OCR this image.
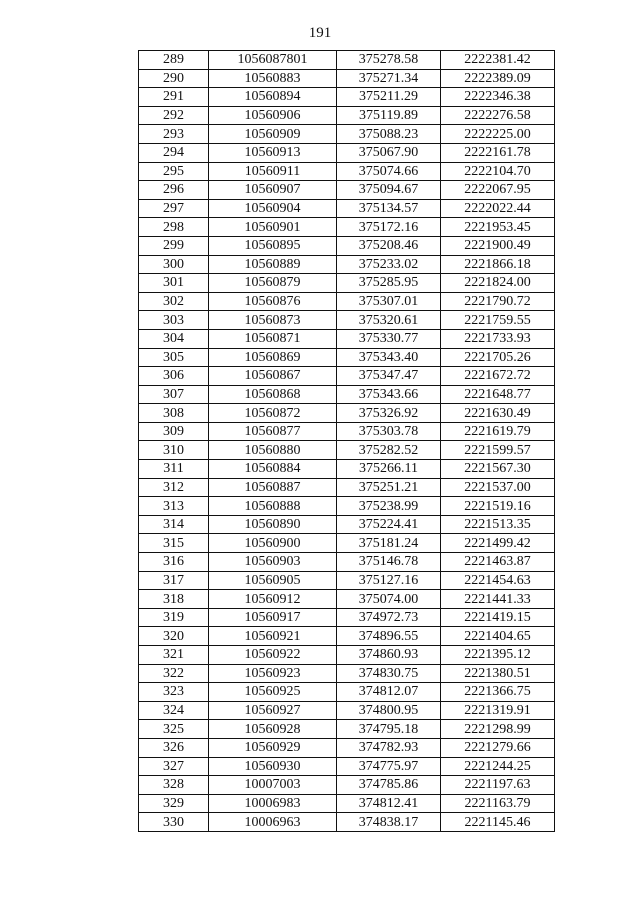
191
289	1056087801	375278.58	2222381.42
290	10560883	375271.34	2222389.09
291	10560894	375211.29	2222346.38
292	10560906	375119.89	2222276.58
293	10560909	375088.23	2222225.00
294	10560913	375067.90	2222161.78
295	10560911	375074.66	2222104.70
296	10560907	375094.67	2222067.95
297	10560904	375134.57	2222022.44
298	10560901	375172.16	2221953.45
299	10560895	375208.46	2221900.49
300	10560889	375233.02	2221866.18
301	10560879	375285.95	2221824.00
302	10560876	375307.01	2221790.72
303	10560873	375320.61	2221759.55
304	10560871	375330.77	2221733.93
305	10560869	375343.40	2221705.26
306	10560867	375347.47	2221672.72
307	10560868	375343.66	2221648.77
308	10560872	375326.92	2221630.49
309	10560877	375303.78	2221619.79
310	10560880	375282.52	2221599.57
311	10560884	375266.11	2221567.30
312	10560887	375251.21	2221537.00
313	10560888	375238.99	2221519.16
314	10560890	375224.41	2221513.35
315	10560900	375181.24	2221499.42
316	10560903	375146.78	2221463.87
317	10560905	375127.16	2221454.63
318	10560912	375074.00	2221441.33
319	10560917	374972.73	2221419.15
320	10560921	374896.55	2221404.65
321	10560922	374860.93	2221395.12
322	10560923	374830.75	2221380.51
323	10560925	374812.07	2221366.75
324	10560927	374800.95	2221319.91
325	10560928	374795.18	2221298.99
326	10560929	374782.93	2221279.66
327	10560930	374775.97	2221244.25
328	10007003	374785.86	2221197.63
329	10006983	374812.41	2221163.79
330	10006963	374838.17	2221145.46
